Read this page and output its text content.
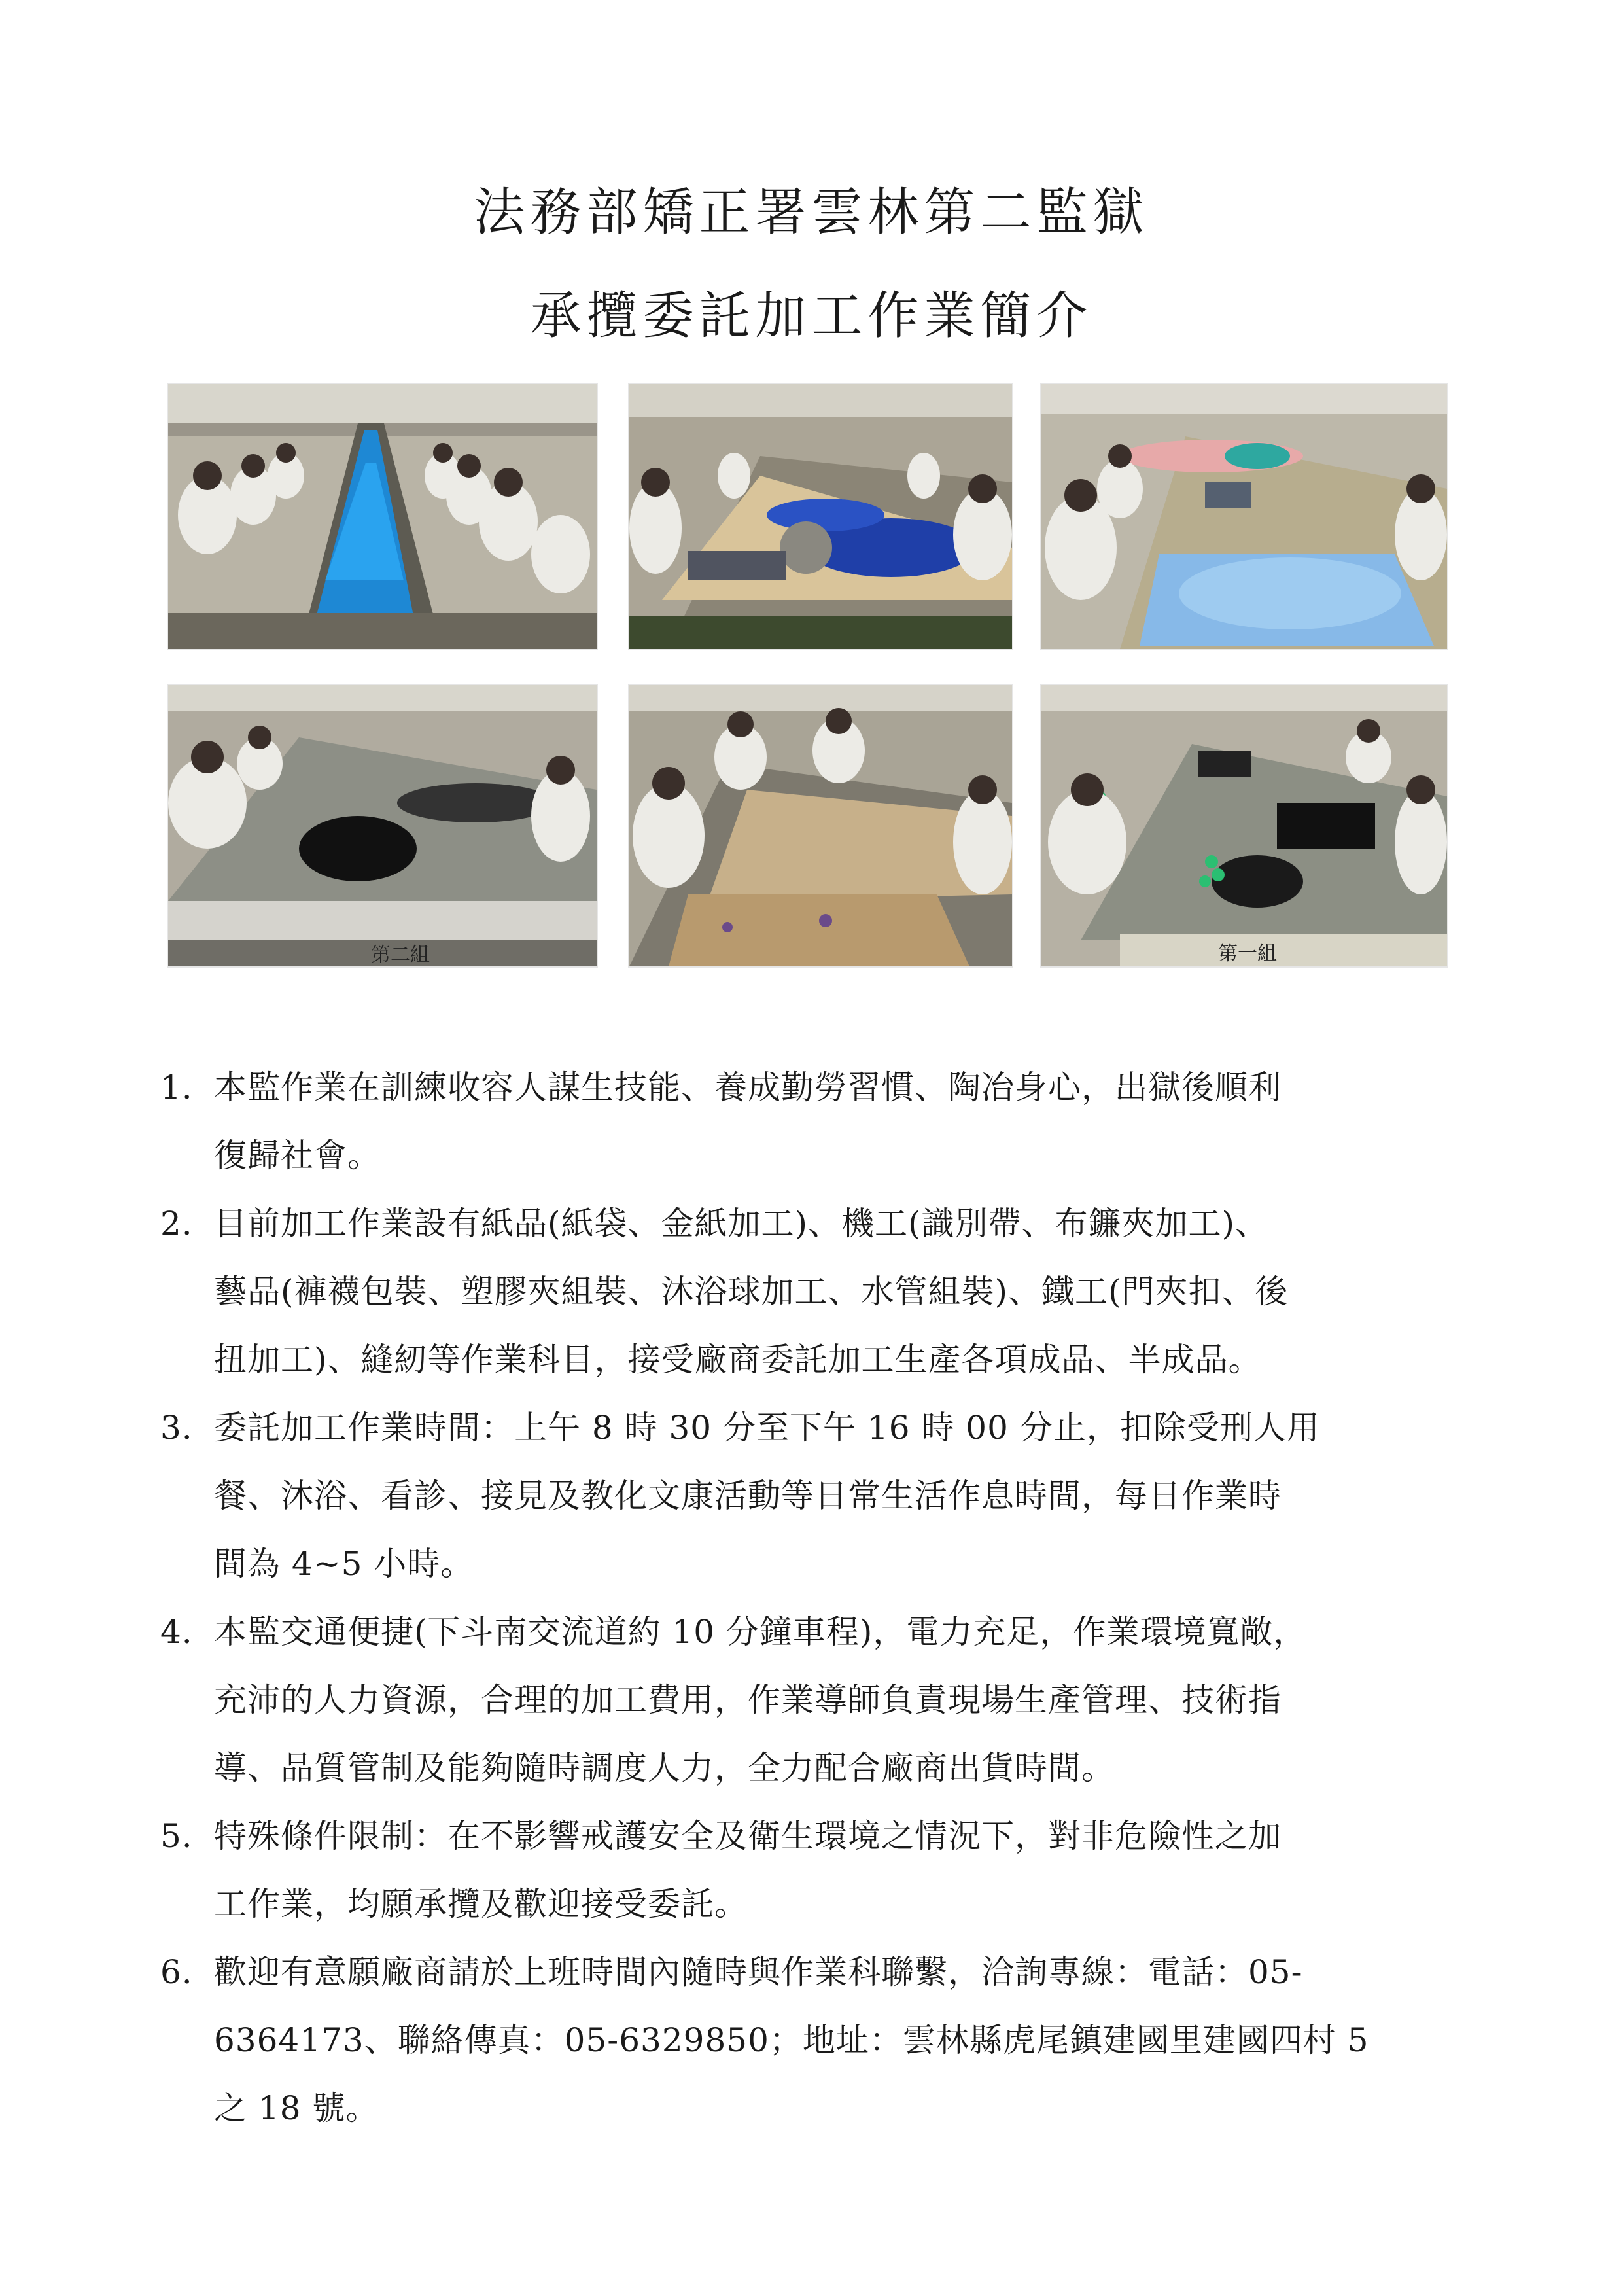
法務部矯正署雲林第二監獄
承攬委託加工作業簡介
第二組	第一組
1. 本監作業在訓練收容人謀生技能、養成勤勞習慣、陶冶身心，出獄後順利
復歸社會。
2. 目前加工作業設有紙品(紙袋、金紙加工)、機工(識別帶、布鐮夾加工)、
藝品(褲襪包裝、塑膠夾組裝、沐浴球加工、水管組裝)、鐵工(門夾扣、後
扭加工)、縫紉等作業科目，接受廠商委託加工生產各項成品、半成品。
3. 委託加工作業時間：上午 8 時 30 分至下午 16 時 00 分止，扣除受刑人用
餐、沐浴、看診、接見及教化文康活動等日常生活作息時間，每日作業時
間為 4~5 小時。
4. 本監交通便捷(下斗南交流道約 10 分鐘車程)，電力充足，作業環境寬敞，
充沛的人力資源，合理的加工費用，作業導師負責現場生產管理、技術指
導、品質管制及能夠隨時調度人力，全力配合廠商出貨時間。
5. 特殊條件限制：在不影響戒護安全及衛生環境之情況下，對非危險性之加
工作業，均願承攬及歡迎接受委託。
6. 歡迎有意願廠商請於上班時間內隨時與作業科聯繫，洽詢專線：電話：05-
6364173、聯絡傳真：05-6329850；地址：雲林縣虎尾鎮建國里建國四村 5
之 18 號。
